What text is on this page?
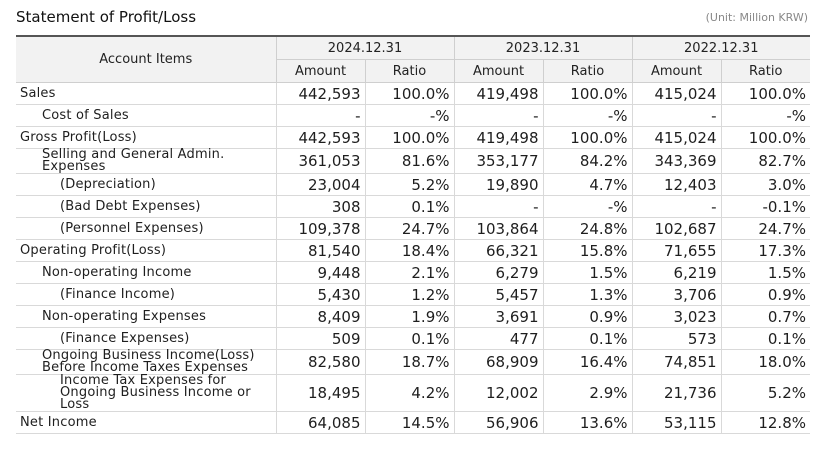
Statement of Profit/Loss	(Unit: Million KRW)
Account Items	2024.12.31		2023.12.31		2022.12.31	
	Amount	Ratio	Amount	Ratio	Amount	Ratio
Sales	442,593	100.0%	419,498	100.0%	415,024	100.0%
Cost of Sales	-	-%	-	-%	-	-%
Gross Profit(Loss)	442,593	100.0%	419,498	100.0%	415,024	100.0%
Selling and General Admin. Expenses	361,053	81.6%	353,177	84.2%	343,369	82.7%
(Depreciation)	23,004	5.2%	19,890	4.7%	12,403	3.0%
(Bad Debt Expenses)	308	0.1%	-	-%	-	-0.1%
(Personnel Expenses)	109,378	24.7%	103,864	24.8%	102,687	24.7%
Operating Profit(Loss)	81,540	18.4%	66,321	15.8%	71,655	17.3%
Non-operating Income	9,448	2.1%	6,279	1.5%	6,219	1.5%
(Finance Income)	5,430	1.2%	5,457	1.3%	3,706	0.9%
Non-operating Expenses	8,409	1.9%	3,691	0.9%	3,023	0.7%
(Finance Expenses)	509	0.1%	477	0.1%	573	0.1%
Ongoing Business Income(Loss) Before Income Taxes Expenses	82,580	18.7%	68,909	16.4%	74,851	18.0%
Income Tax Expenses for Ongoing Business Income or Loss	18,495	4.2%	12,002	2.9%	21,736	5.2%
Net Income	64,085	14.5%	56,906	13.6%	53,115	12.8%
